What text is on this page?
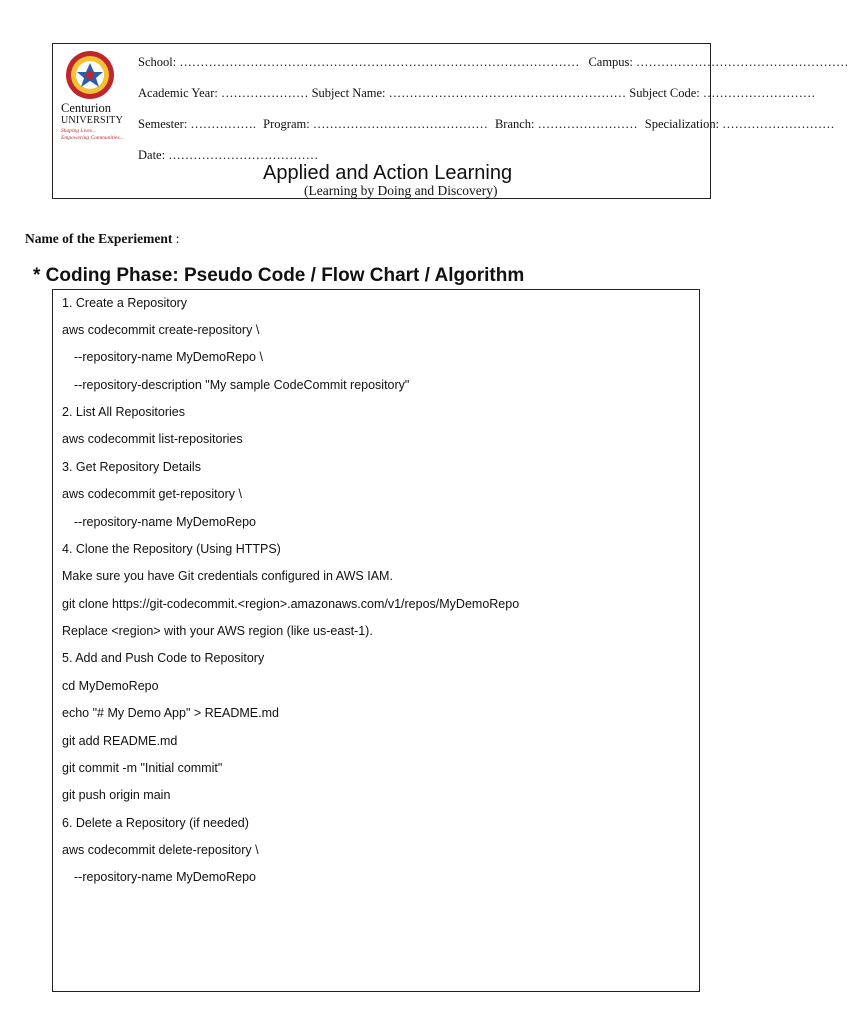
Centurion
UNIVERSITY
Shaping Lives...
Empowering Communities...
School: …………………………………………………………………………………… Campus: ……………………………………………
Academic Year: ………………… Subject Name: ………………………………………………… Subject Code: ………………………
Semester: ……………. Program: …………………………………… Branch: …………………… Specialization: ………………………
Date: ………………………………
Applied and Action Learning
(Learning by Doing and Discovery)
Name of the Experiement :
* Coding Phase: Pseudo Code / Flow Chart / Algorithm
1. Create a Repository
aws codecommit create-repository \
--repository-name MyDemoRepo \
--repository-description "My sample CodeCommit repository"
2. List All Repositories
aws codecommit list-repositories
3. Get Repository Details
aws codecommit get-repository \
--repository-name MyDemoRepo
4. Clone the Repository (Using HTTPS)
Make sure you have Git credentials configured in AWS IAM.
git clone https://git-codecommit.<region>.amazonaws.com/v1/repos/MyDemoRepo
Replace <region> with your AWS region (like us-east-1).
5. Add and Push Code to Repository
cd MyDemoRepo
echo "# My Demo App" > README.md
git add README.md
git commit -m "Initial commit"
git push origin main
6. Delete a Repository (if needed)
aws codecommit delete-repository \
--repository-name MyDemoRepo
